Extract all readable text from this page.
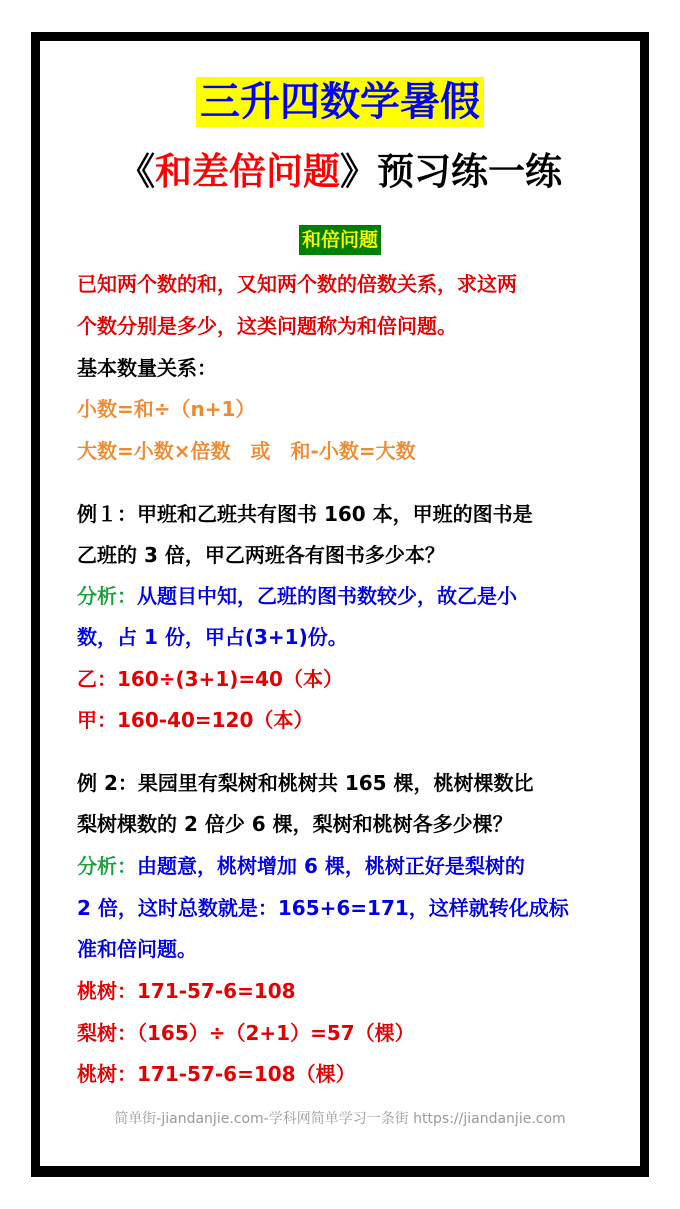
三升四数学暑假
《和差倍问题》预习练一练
和倍问题
已知两个数的和，又知两个数的倍数关系，求这两
个数分别是多少，这类问题称为和倍问题。
基本数量关系：
小数=和÷（n+1）
大数=小数×倍数　或　和-小数=大数
例１：甲班和乙班共有图书 160 本，甲班的图书是
乙班的 3 倍，甲乙两班各有图书多少本？
分析：从题目中知，乙班的图书数较少，故乙是小
数，占 1 份，甲占(3+1)份。
乙：160÷(3+1)=40（本）
甲：160-40=120（本）
例 2：果园里有梨树和桃树共 165 棵，桃树棵数比
梨树棵数的 2 倍少 6 棵，梨树和桃树各多少棵？
分析：由题意，桃树增加 6 棵，桃树正好是梨树的
2 倍，这时总数就是：165+6=171，这样就转化成标
准和倍问题。
桃树：171-57-6=108
梨树：（165）÷（2+1）=57（棵）
桃树：171-57-6=108（棵）
简单街-jiandanjie.com-学科网简单学习一条街 https://jiandanjie.com
